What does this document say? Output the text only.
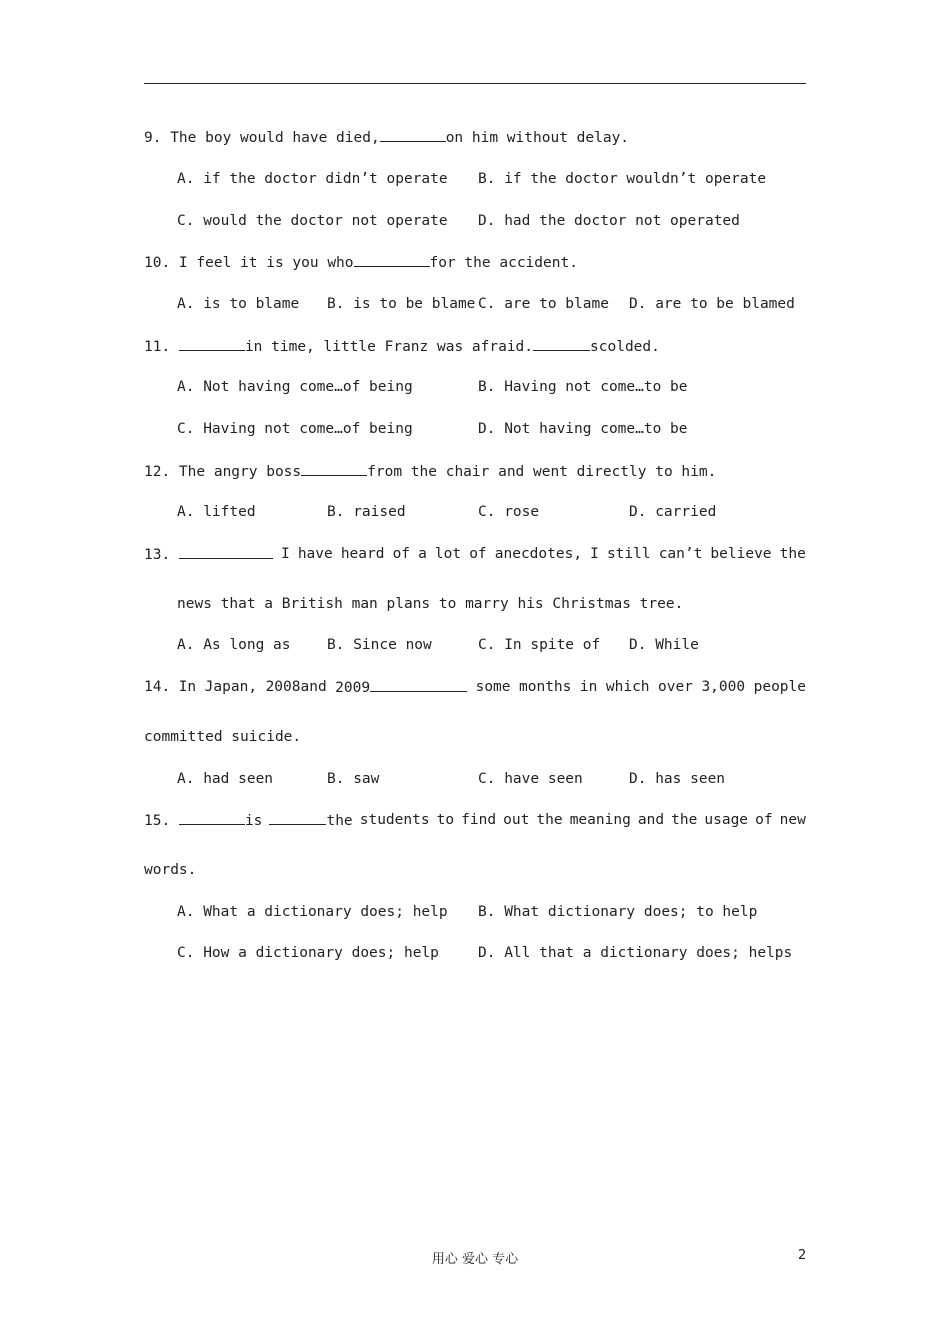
9. The boy would have died,	on him without delay.
A. if the doctor didn’t operate B. if the doctor wouldn’t operate
C. would the doctor not operate D. had the doctor not operated
10. I feel it is you who	for the accident.
A. is to blame B. is to be blame C. are to blame D. are to be blamed
11.	in time, little Franz was afraid.	scolded.
A. Not having come…of being	B. Having not come…to be
C. Having not come…of being	D. Not having come…to be
12. The angry boss	from the chair and went directly to him.
A. lifted	B. raised	C. rose	D. carried
13.	I have heard of a lot of anecdotes, I still can’t believe the
news that a British man plans to marry his Christmas tree.
A. As long as	B. Since now	C. In spite of D. While
14. In Japan, 2008and 2009	some months in which over 3,000 people
committed suicide.
A. had seen	B. saw	C. have seen	D. has seen
15.	is	the students to find out the meaning and the usage of new
words.
A. What a dictionary does; help B. What dictionary does; to help
C. How a dictionary does; help	D. All that a dictionary does; helps
用心 爱心 专心	2
